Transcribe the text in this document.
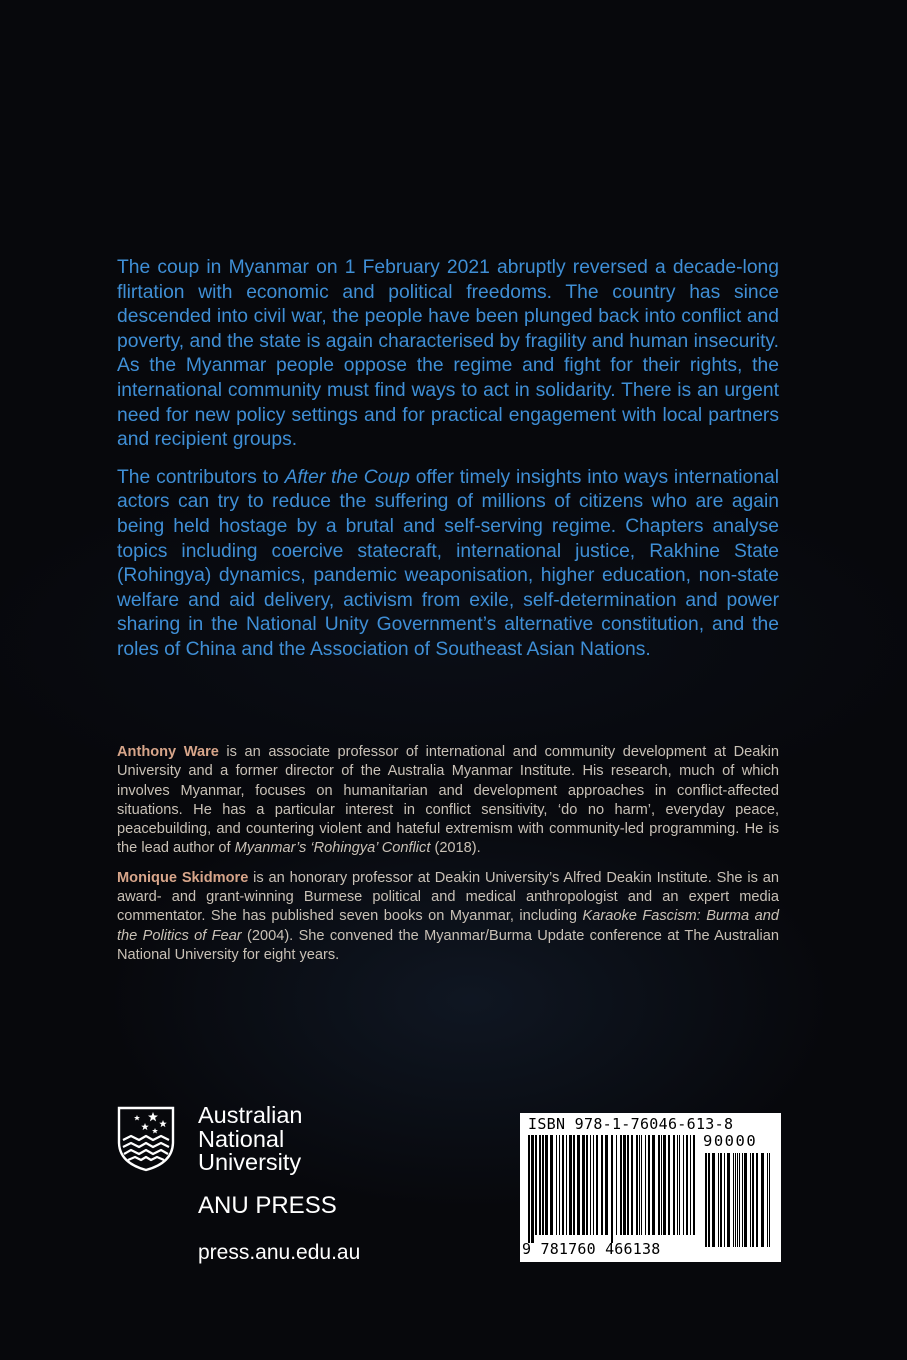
The coup in Myanmar on 1 February 2021 abruptly reversed a decade-long flirtation with economic and political freedoms. The country has since descended into civil war, the people have been plunged back into conflict and poverty, and the state is again characterised by fragility and human insecurity. As the Myanmar people oppose the regime and fight for their rights, the international community must find ways to act in solidarity. There is an urgent need for new policy settings and for practical engagement with local partners and recipient groups.

The contributors to After the Coup offer timely insights into ways international actors can try to reduce the suffering of millions of citizens who are again being held hostage by a brutal and self-serving regime. Chapters analyse topics including coercive statecraft, international justice, Rakhine State (Rohingya) dynamics, pandemic weaponisation, higher education, non-state welfare and aid delivery, activism from exile, self-determination and power sharing in the National Unity Government’s alternative constitution, and the roles of China and the Association of Southeast Asian Nations.

Anthony Ware is an associate professor of international and community development at Deakin University and a former director of the Australia Myanmar Institute. His research, much of which involves Myanmar, focuses on humanitarian and development approaches in conflict-affected situations. He has a particular interest in conflict sensitivity, ‘do no harm’, everyday peace, peacebuilding, and countering violent and hateful extremism with community-led programming. He is the lead author of Myanmar’s ‘Rohingya’ Conflict (2018).

Monique Skidmore is an honorary professor at Deakin University’s Alfred Deakin Institute. She is an award- and grant-winning Burmese political and medical anthropologist and an expert media commentator. She has published seven books on Myanmar, including Karaoke Fascism: Burma and the Politics of Fear (2004). She convened the Myanmar/Burma Update conference at The Australian National University for eight years.

Australian
National
University
ANU PRESS
press.anu.edu.au
ISBN 978-1-76046-613-8
90000
9 781760 466138
